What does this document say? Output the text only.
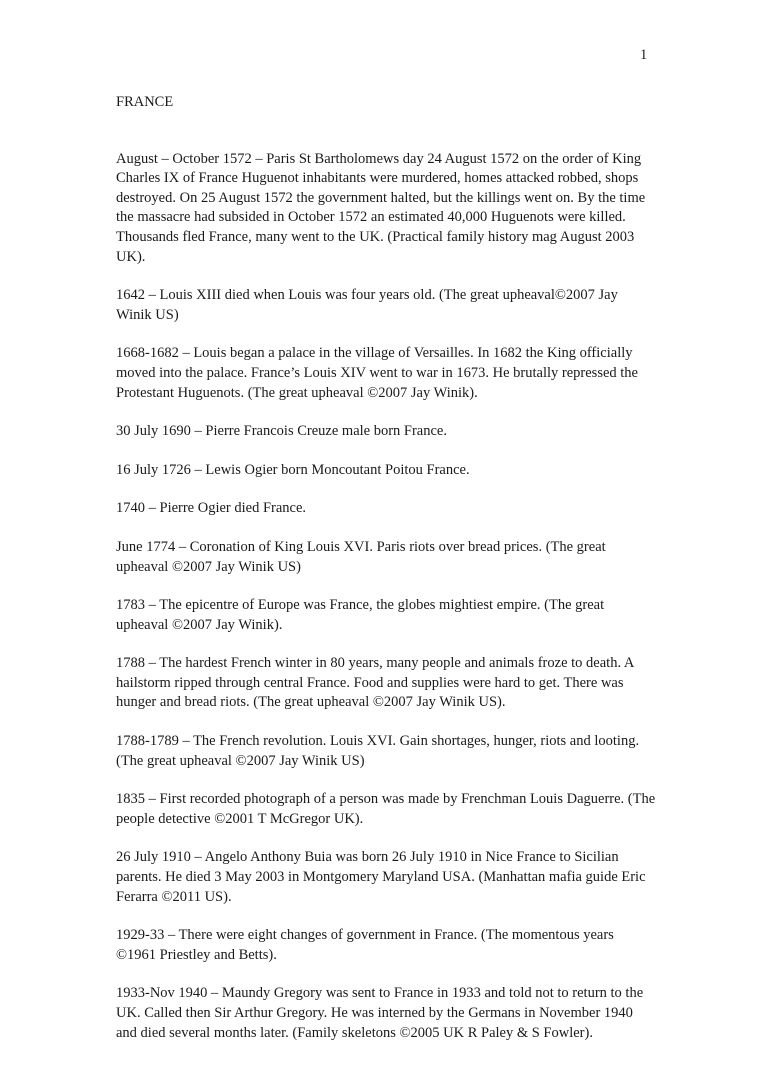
1

FRANCE

August – October 1572 – Paris St Bartholomews day 24 August 1572 on the order of King Charles IX of France Huguenot inhabitants were murdered, homes attacked robbed, shops destroyed. On 25 August 1572 the government halted, but the killings went on. By the time the massacre had subsided in October 1572 an estimated 40,000 Huguenots were killed. Thousands fled France, many went to the UK. (Practical family history mag August 2003 UK).

1642 – Louis XIII died when Louis was four years old. (The great upheaval©2007 Jay Winik US)

1668-1682 – Louis began a palace in the village of Versailles. In 1682 the King officially moved into the palace. France’s Louis XIV went to war in 1673. He brutally repressed the Protestant Huguenots. (The great upheaval ©2007 Jay Winik).

30 July 1690 – Pierre Francois Creuze male born France.

16 July 1726 – Lewis Ogier born Moncoutant Poitou France.

1740 – Pierre Ogier died France.

June 1774 – Coronation of King Louis XVI. Paris riots over bread prices. (The great upheaval ©2007 Jay Winik US)

1783 – The epicentre of Europe was France, the globes mightiest empire. (The great upheaval ©2007 Jay Winik).

1788 – The hardest French winter in 80 years, many people and animals froze to death. A hailstorm ripped through central France. Food and supplies were hard to get. There was hunger and bread riots. (The great upheaval ©2007 Jay Winik US).

1788-1789 – The French revolution. Louis XVI. Gain shortages, hunger, riots and looting. (The great upheaval ©2007 Jay Winik US)

1835 – First recorded photograph of a person was made by Frenchman Louis Daguerre. (The people detective ©2001 T McGregor UK).

26 July 1910 – Angelo Anthony Buia was born 26 July 1910 in Nice France to Sicilian parents. He died 3 May 2003 in Montgomery Maryland USA. (Manhattan mafia guide Eric Ferarra ©2011 US).

1929-33 – There were eight changes of government in France. (The momentous years ©1961 Priestley and Betts).

1933-Nov 1940 – Maundy Gregory was sent to France in 1933 and told not to return to the UK. Called then Sir Arthur Gregory. He was interned by the Germans in November 1940 and died several months later. (Family skeletons ©2005 UK R Paley & S Fowler).
